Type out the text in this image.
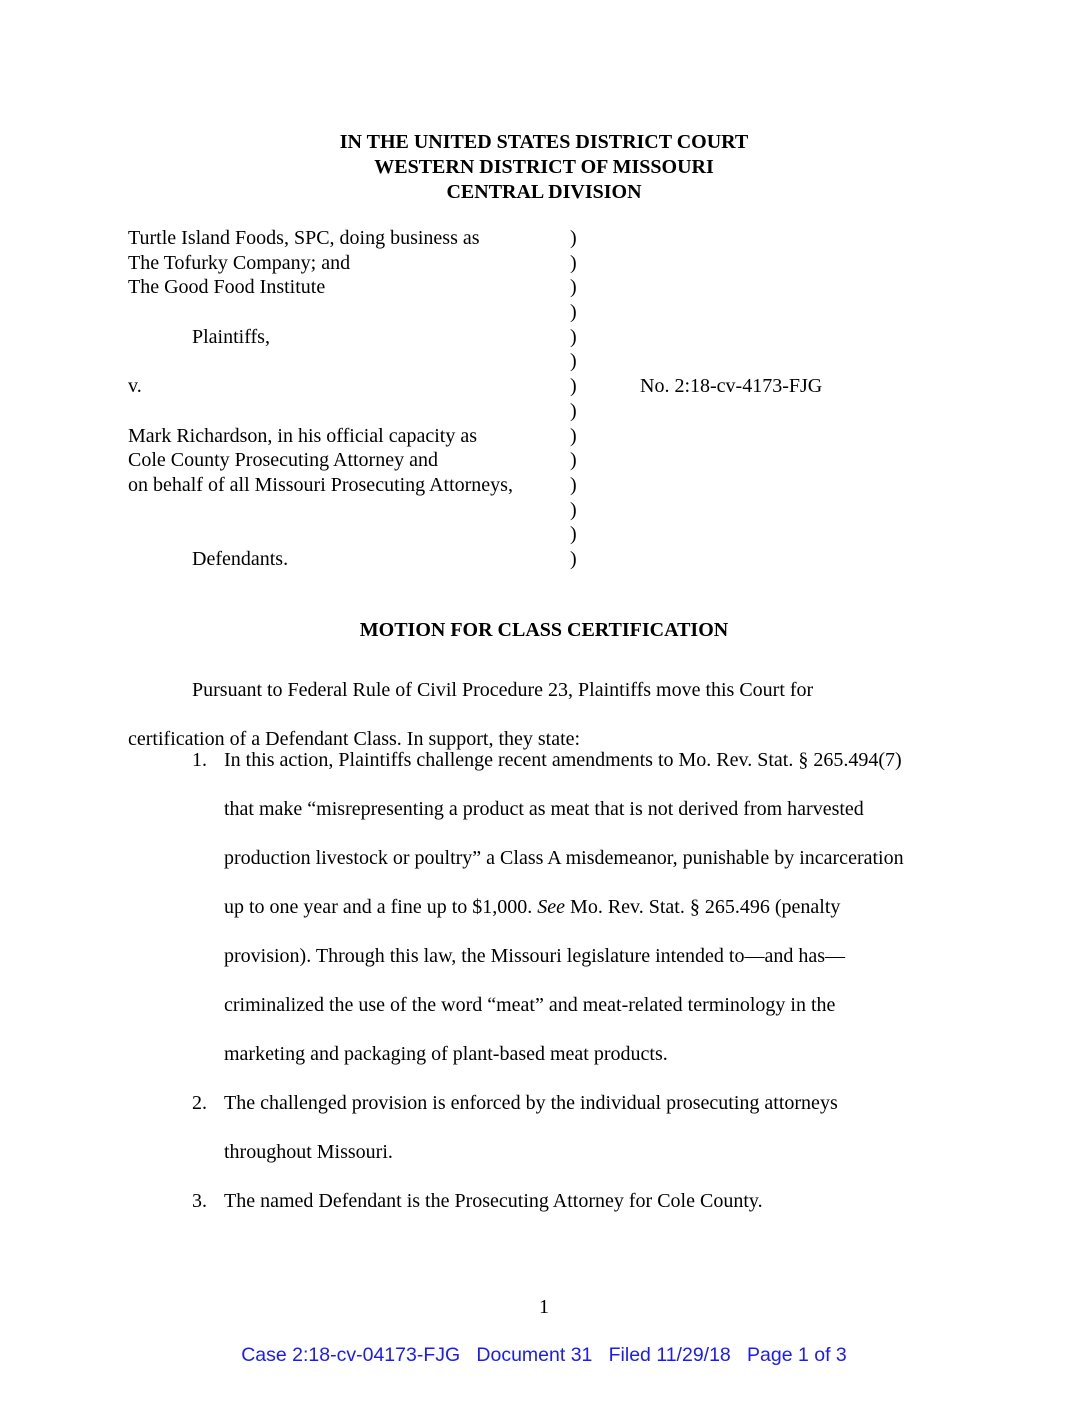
IN THE UNITED STATES DISTRICT COURT
WESTERN DISTRICT OF MISSOURI
CENTRAL DIVISION
Turtle Island Foods, SPC, doing business as
The Tofurky Company; and
The Good Food Institute
Plaintiffs,
v.
Mark Richardson, in his official capacity as
Cole County Prosecuting Attorney and
on behalf of all Missouri Prosecuting Attorneys,
Defendants.
)
)
)
)
)
)
)
)
)
)
)
)
)
)
No. 2:18-cv-4173-FJG
MOTION FOR CLASS CERTIFICATION
Pursuant to Federal Rule of Civil Procedure 23, Plaintiffs move this Court for
certification of a Defendant Class. In support, they state:
1. In this action, Plaintiffs challenge recent amendments to Mo. Rev. Stat. § 265.494(7)
that make “misrepresenting a product as meat that is not derived from harvested
production livestock or poultry” a Class A misdemeanor, punishable by incarceration
up to one year and a fine up to $1,000. See Mo. Rev. Stat. § 265.496 (penalty
provision). Through this law, the Missouri legislature intended to—and has—
criminalized the use of the word “meat” and meat-related terminology in the
marketing and packaging of plant-based meat products.
2. The challenged provision is enforced by the individual prosecuting attorneys
throughout Missouri.
3. The named Defendant is the Prosecuting Attorney for Cole County.
1
Case 2:18-cv-04173-FJG   Document 31   Filed 11/29/18   Page 1 of 3
